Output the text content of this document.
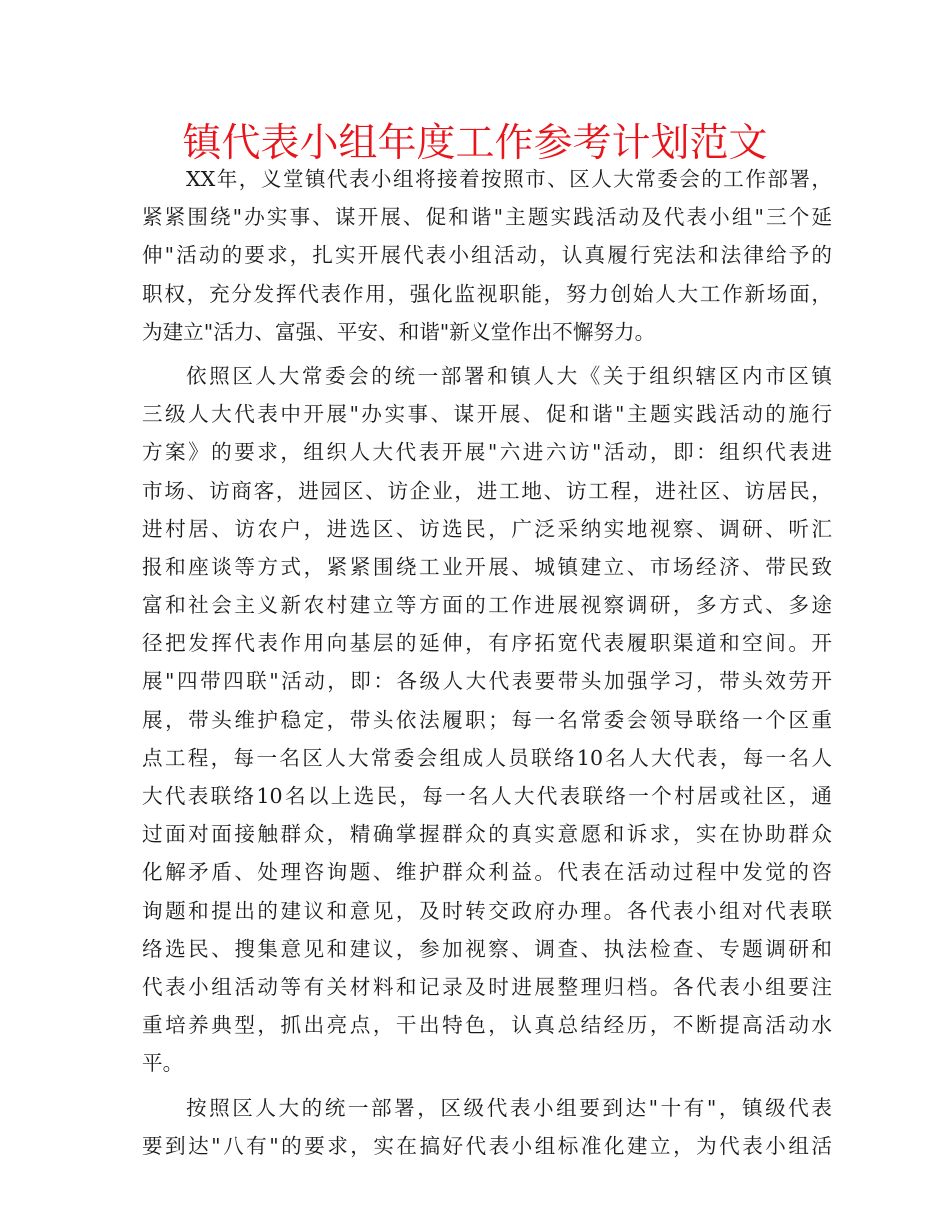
镇代表小组年度工作参考计划范文
XX年，义堂镇代表小组将接着按照市、区人大常委会的工作部署，
紧紧围绕"办实事、谋开展、促和谐"主题实践活动及代表小组"三个延
伸"活动的要求，扎实开展代表小组活动，认真履行宪法和法律给予的
职权，充分发挥代表作用，强化监视职能，努力创始人大工作新场面，
为建立"活力、富强、平安、和谐"新义堂作出不懈努力。
依照区人大常委会的统一部署和镇人大《关于组织辖区内市区镇
三级人大代表中开展"办实事、谋开展、促和谐"主题实践活动的施行
方案》的要求，组织人大代表开展"六进六访"活动，即：组织代表进
市场、访商客，进园区、访企业，进工地、访工程，进社区、访居民，
进村居、访农户，进选区、访选民，广泛采纳实地视察、调研、听汇
报和座谈等方式，紧紧围绕工业开展、城镇建立、市场经济、带民致
富和社会主义新农村建立等方面的工作进展视察调研，多方式、多途
径把发挥代表作用向基层的延伸，有序拓宽代表履职渠道和空间。开
展"四带四联"活动，即：各级人大代表要带头加强学习，带头效劳开
展，带头维护稳定，带头依法履职；每一名常委会领导联络一个区重
点工程，每一名区人大常委会组成人员联络10名人大代表，每一名人
大代表联络10名以上选民，每一名人大代表联络一个村居或社区，通
过面对面接触群众，精确掌握群众的真实意愿和诉求，实在协助群众
化解矛盾、处理咨询题、维护群众利益。代表在活动过程中发觉的咨
询题和提出的建议和意见，及时转交政府办理。各代表小组对代表联
络选民、搜集意见和建议，参加视察、调查、执法检查、专题调研和
代表小组活动等有关材料和记录及时进展整理归档。各代表小组要注
重培养典型，抓出亮点，干出特色，认真总结经历，不断提高活动水
平。
按照区人大的统一部署，区级代表小组要到达"十有"，镇级代表
要到达"八有"的要求，实在搞好代表小组标准化建立，为代表小组活
